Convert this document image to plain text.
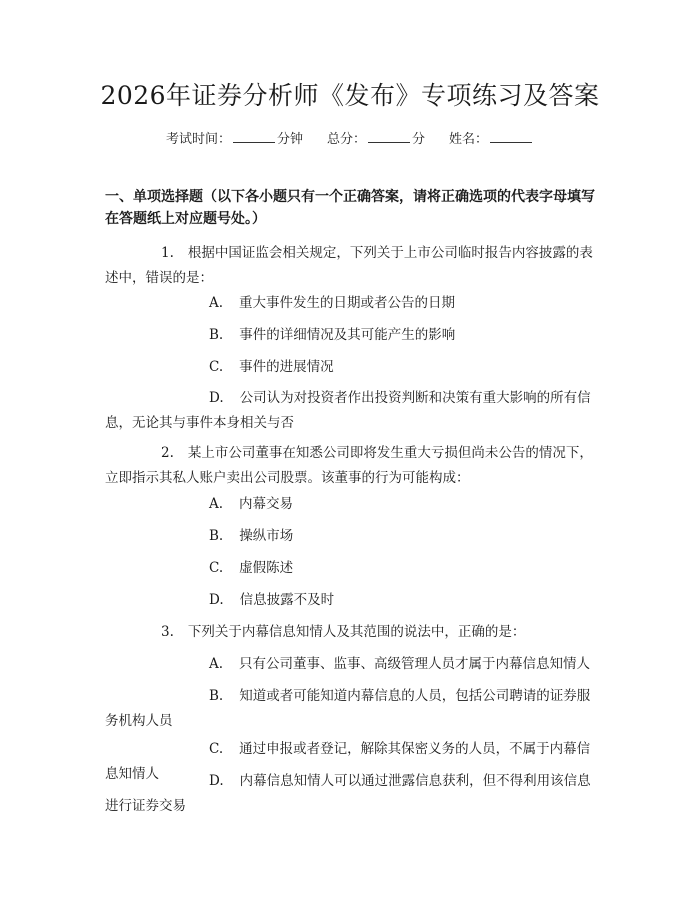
2026年证券分析师《发布》专项练习及答案
考试时间：	分钟 总分：	分 姓名：
一、单项选择题（以下各小题只有一个正确答案，请将正确选项的代表字母填写在答题纸上对应题号处。）
1. 根据中国证监会相关规定，下列关于上市公司临时报告内容披露的表述中，错误的是：
A. 重大事件发生的日期或者公告的日期
B. 事件的详细情况及其可能产生的影响
C. 事件的进展情况
D. 公司认为对投资者作出投资判断和决策有重大影响的所有信息，无论其与事件本身相关与否
2. 某上市公司董事在知悉公司即将发生重大亏损但尚未公告的情况下，立即指示其私人账户卖出公司股票。该董事的行为可能构成：
A. 内幕交易
B. 操纵市场
C. 虚假陈述
D. 信息披露不及时
3. 下列关于内幕信息知情人及其范围的说法中，正确的是：
A. 只有公司董事、监事、高级管理人员才属于内幕信息知情人
B. 知道或者可能知道内幕信息的人员，包括公司聘请的证券服务机构人员
C. 通过申报或者登记，解除其保密义务的人员，不属于内幕信息知情人	D. 内幕信息知情人可以通过泄露信息获利，但不得利用该信息进行证券交易
